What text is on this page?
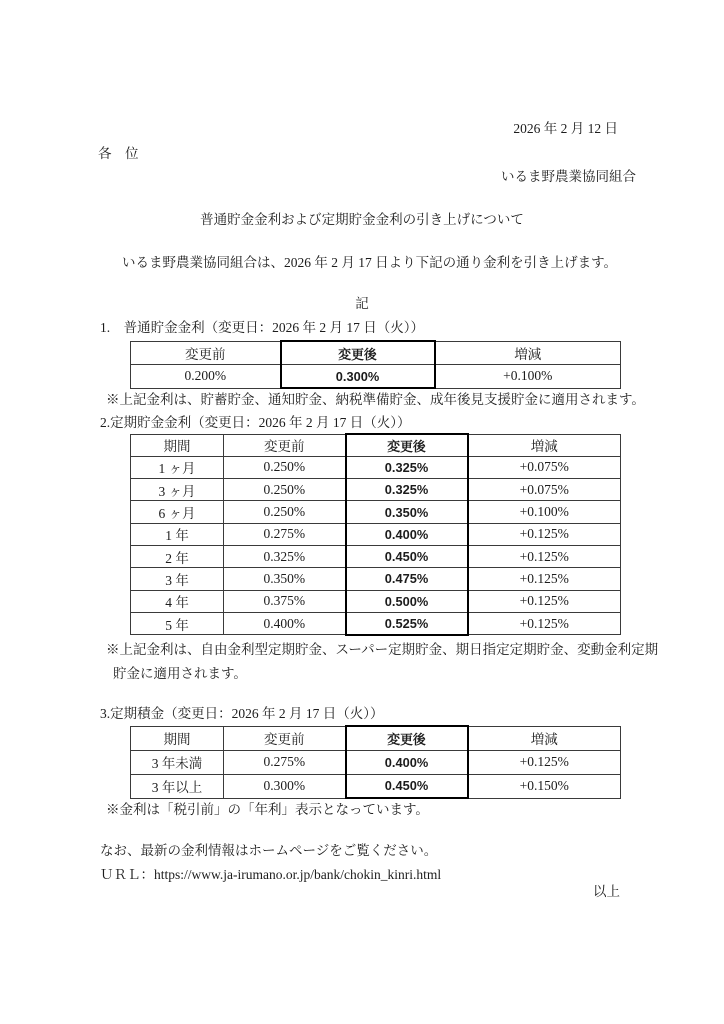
2026 年 2 月 12 日
各　位
いるま野農業協同組合
普通貯金金利および定期貯金金利の引き上げについて
いるま野農業協同組合は、2026 年 2 月 17 日より下記の通り金利を引き上げます。
記
1.　普通貯金金利（変更日：2026 年 2 月 17 日（火））
変更前	変更後	増減
0.200%	0.300%	+0.100%
※上記金利は、貯蓄貯金、通知貯金、納税準備貯金、成年後見支援貯金に適用されます。
2.定期貯金金利（変更日：2026 年 2 月 17 日（火））
期間	変更前	変更後	増減
1 ヶ月	0.250%	0.325%	+0.075%
3 ヶ月	0.250%	0.325%	+0.075%
6 ヶ月	0.250%	0.350%	+0.100%
1 年	0.275%	0.400%	+0.125%
2 年	0.325%	0.450%	+0.125%
3 年	0.350%	0.475%	+0.125%
4 年	0.375%	0.500%	+0.125%
5 年	0.400%	0.525%	+0.125%
※上記金利は、自由金利型定期貯金、スーパー定期貯金、期日指定定期貯金、変動金利定期
貯金に適用されます。
3.定期積金（変更日：2026 年 2 月 17 日（火））
期間	変更前	変更後	増減
3 年未満	0.275%	0.400%	+0.125%
3 年以上	0.300%	0.450%	+0.150%
※金利は「税引前」の「年利」表示となっています。
なお、最新の金利情報はホームページをご覧ください。
ＵＲＬ：https://www.ja-irumano.or.jp/bank/chokin_kinri.html
以上
